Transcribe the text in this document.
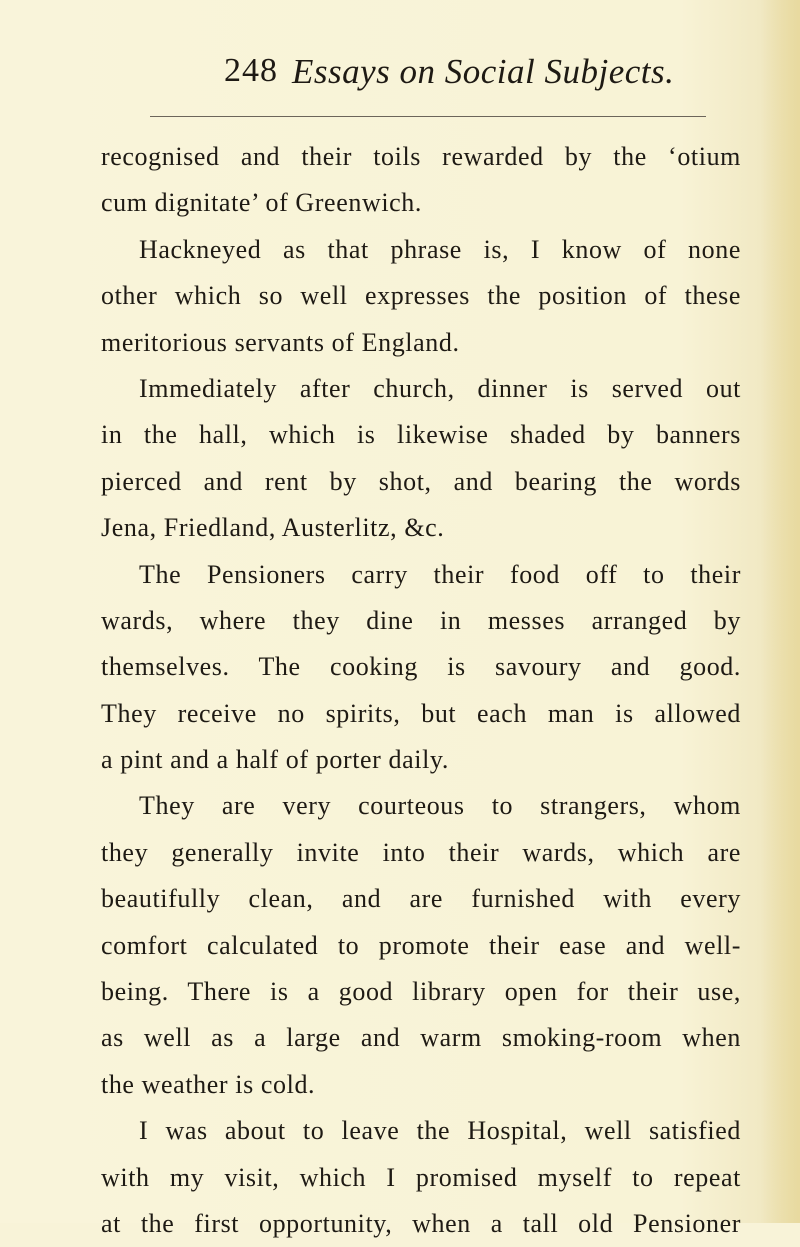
248 Essays on Social Subjects.
recognised and their toils rewarded by the ‘otium
cum dignitate’ of Greenwich.
Hackneyed as that phrase is, I know of none
other which so well expresses the position of these
meritorious servants of England.
Immediately after church, dinner is served out
in the hall, which is likewise shaded by banners
pierced and rent by shot, and bearing the words
Jena, Friedland, Austerlitz, &c.
The Pensioners carry their food off to their
wards, where they dine in messes arranged by
themselves. The cooking is savoury and good.
They receive no spirits, but each man is allowed
a pint and a half of porter daily.
They are very courteous to strangers, whom
they generally invite into their wards, which are
beautifully clean, and are furnished with every
comfort calculated to promote their ease and well-
being. There is a good library open for their use,
as well as a large and warm smoking-room when
the weather is cold.
I was about to leave the Hospital, well satisfied
with my visit, which I promised myself to repeat
at the first opportunity, when a tall old Pensioner
